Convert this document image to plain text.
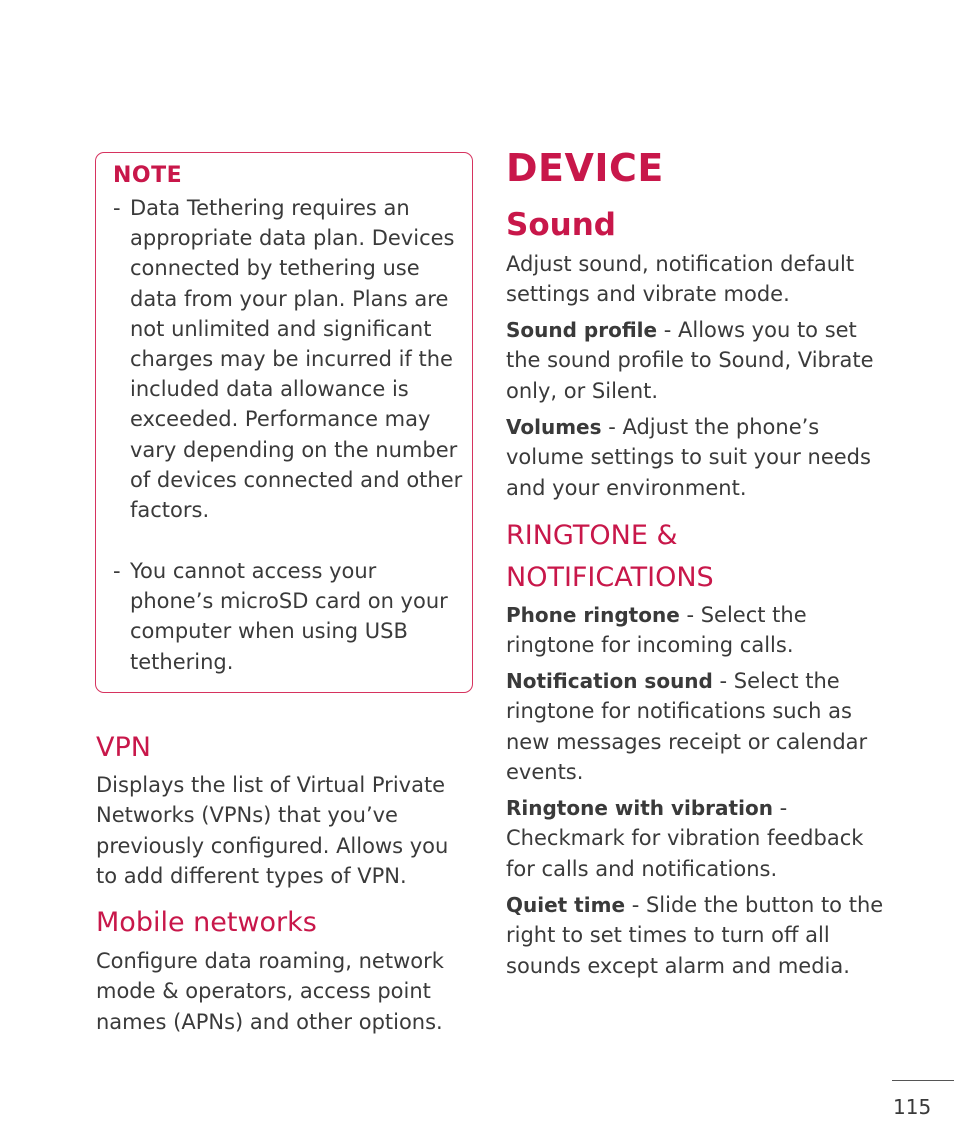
NOTE
- Data Tethering requires an appropriate data plan. Devices connected by tethering use data from your plan. Plans are not unlimited and significant charges may be incurred if the included data allowance is exceeded. Performance may vary depending on the number of devices connected and other factors.
- You cannot access your phone’s microSD card on your computer when using USB tethering.
VPN
Displays the list of Virtual Private Networks (VPNs) that you’ve previously configured. Allows you to add different types of VPN.
Mobile networks
Configure data roaming, network mode & operators, access point names (APNs) and other options.
DEVICE
Sound
Adjust sound, notification default settings and vibrate mode.
Sound profile - Allows you to set the sound profile to Sound, Vibrate only, or Silent.
Volumes - Adjust the phone’s volume settings to suit your needs and your environment.
RINGTONE &
NOTIFICATIONS
Phone ringtone - Select the ringtone for incoming calls.
Notification sound - Select the ringtone for notifications such as new messages receipt or calendar events.
Ringtone with vibration - Checkmark for vibration feedback for calls and notifications.
Quiet time - Slide the button to the right to set times to turn off all sounds except alarm and media.
115
